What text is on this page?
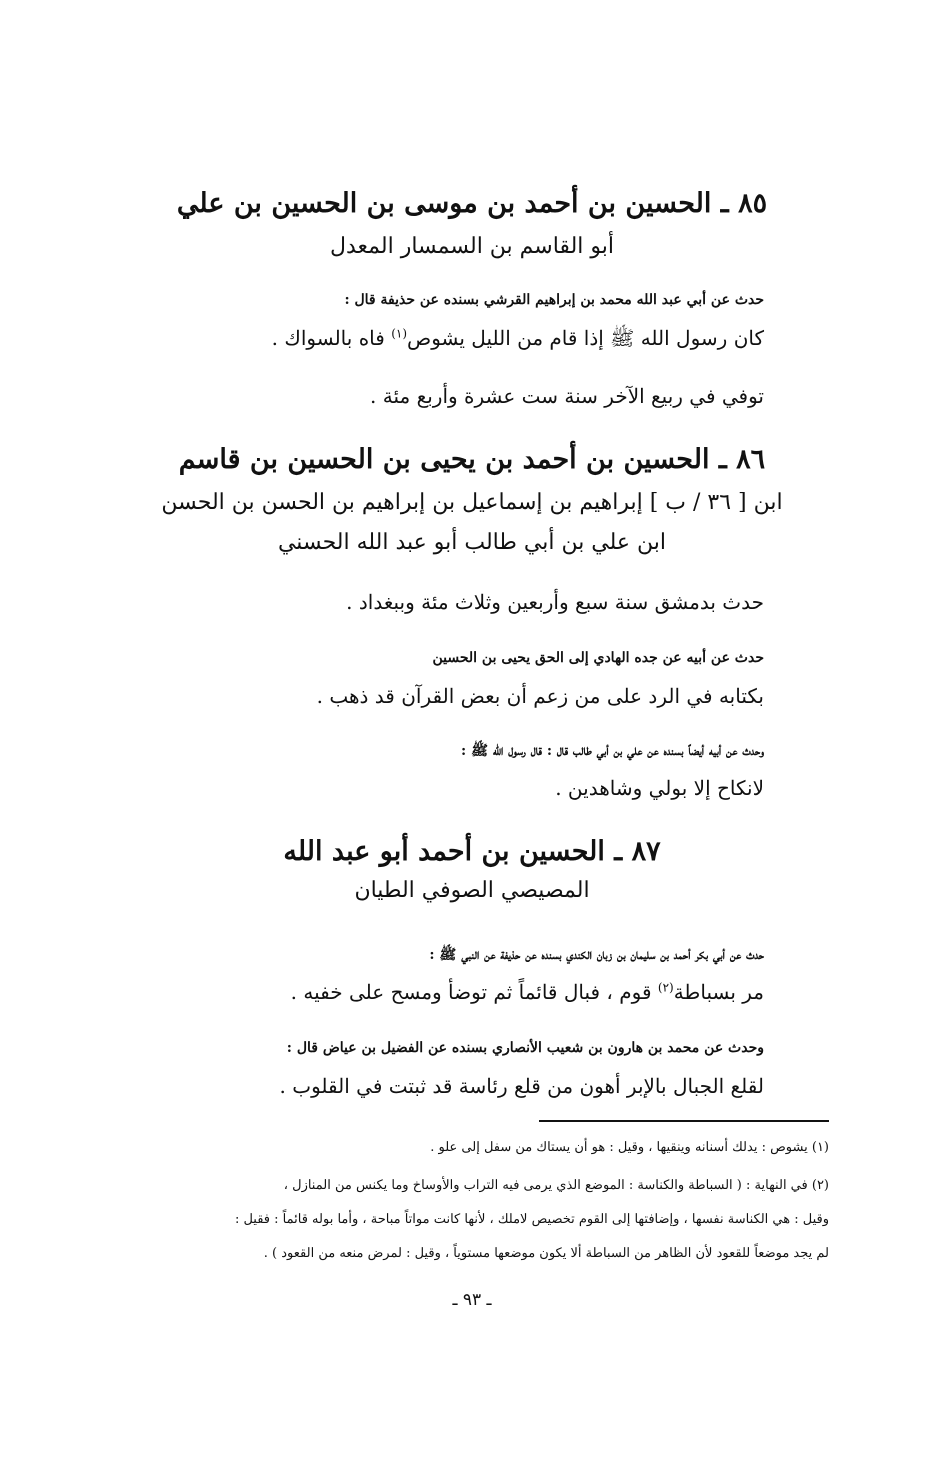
٨٥ ـ الحسين بن أحمد بن موسى بن الحسين بن علي
أبو القاسم بن السمسار المعدل
حدث عن أبي عبد الله محمد بن إبراهيم القرشي بسنده عن حذيفة قال :
كان رسول الله ﷺ إذا قام من الليل يشوص$^{(١)}$ فاه بالسواك .
توفي في ربيع الآخر سنة ست عشرة وأربع مئة .
٨٦ ـ الحسين بن أحمد بن يحيى بن الحسين بن قاسم
ابن [ ٣٦ / ب ] إبراهيم بن إسماعيل بن إبراهيم بن الحسن بن الحسن
ابن علي بن أبي طالب أبو عبد الله الحسني
حدث بدمشق سنة سبع وأربعين وثلاث مئة وببغداد .
حدث عن أبيه عن جده الهادي إلى الحق يحيى بن الحسين
بكتابه في الرد على من زعم أن بعض القرآن قد ذهب .
وحدث عن أبيه أيضاً بسنده عن علي بن أبي طالب قال : قال رسول الله ﷺ :
لانكاح إلا بولي وشاهدين .
٨٧ ـ الحسين بن أحمد أبو عبد الله
المصيصي الصوفي الطيان
حدث عن أبي بكر أحمد بن سليمان بن زبان الكندي بسنده عن حذيفة عن النبي ﷺ :
مر بسباطة$^{(٢)}$ قوم ، فبال قائماً ثم توضأ ومسح على خفيه .
وحدث عن محمد بن هارون بن شعيب الأنصاري بسنده عن الفضيل بن عياض قال :
لقلع الجبال بالإبر أهون من قلع رئاسة قد ثبتت في القلوب .
(١) يشوص : يدلك أسنانه وينقيها ، وقيل : هو أن يستاك من سفل إلى علو .
(٢) في النهاية : ( السباطة والكناسة : الموضع الذي يرمى فيه التراب والأوساخ وما يكنس من المنازل ،
وقيل : هي الكناسة نفسها ، وإضافتها إلى القوم تخصيص لاملك ، لأنها كانت مواتاً مباحة ، وأما بوله قائماً : فقيل :
لم يجد موضعاً للقعود لأن الظاهر من السباطة ألا يكون موضعها مستوياً ، وقيل : لمرض منعه من القعود ) .
ـ ٩٣ ـ
